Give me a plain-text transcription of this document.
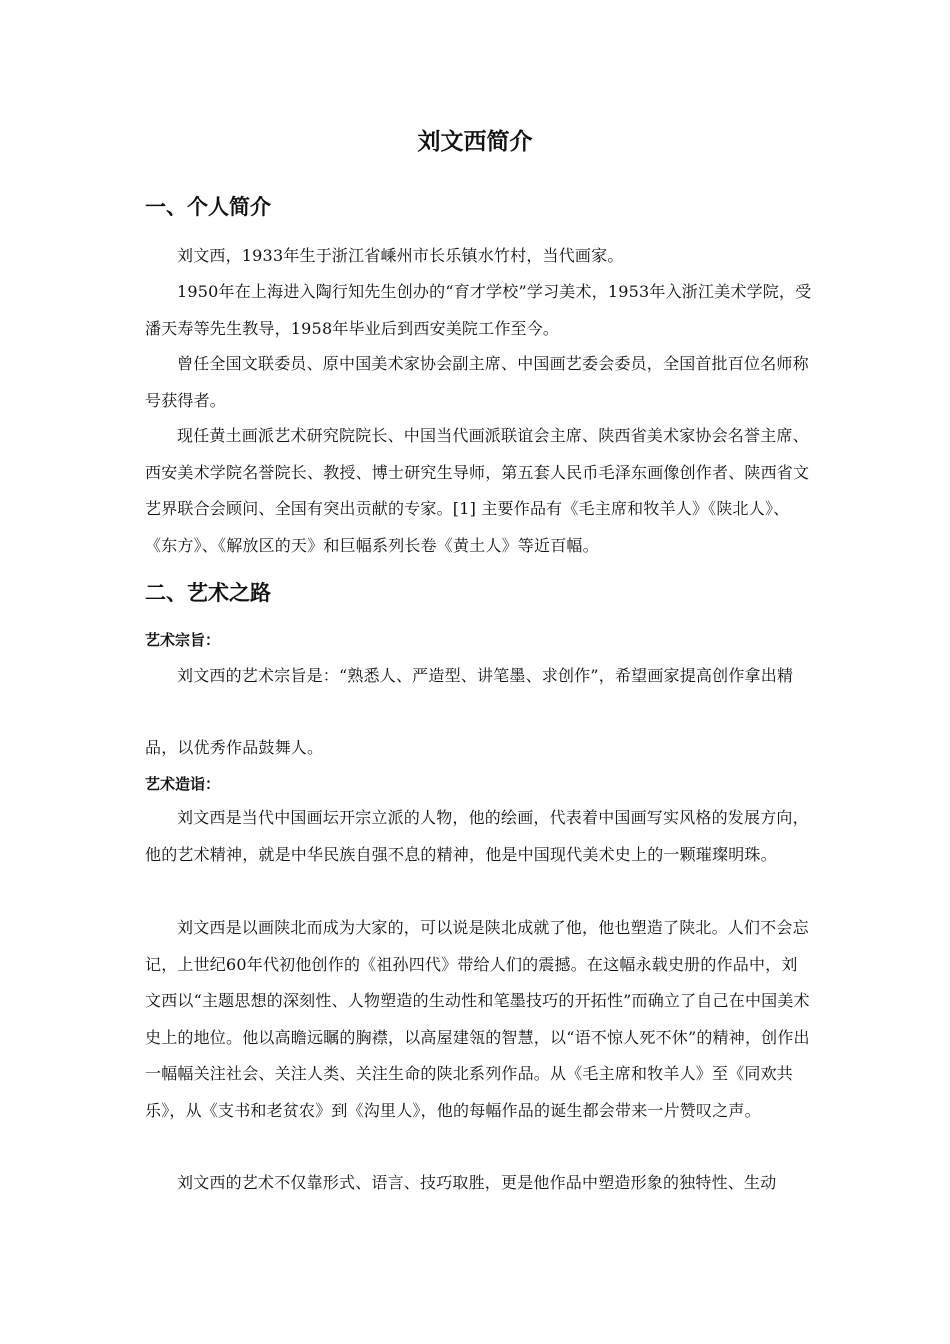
刘文西简介
一、个人简介

刘文西，1933年生于浙江省嵊州市长乐镇水竹村，当代画家。

1950年在上海进入陶行知先生创办的“育才学校”学习美术，1953年入浙江美术学院，受潘天寿等先生教导，1958年毕业后到西安美院工作至今。

曾任全国文联委员、原中国美术家协会副主席、中国画艺委会委员，全国首批百位名师称号获得者。

现任黄土画派艺术研究院院长、中国当代画派联谊会主席、陕西省美术家协会名誉主席、西安美术学院名誉院长、教授、博士研究生导师，第五套人民币毛泽东画像创作者、陕西省文艺界联合会顾问、全国有突出贡献的专家。[1] 主要作品有《毛主席和牧羊人》《陕北人》、《东方》、《解放区的天》和巨幅系列长卷《黄土人》等近百幅。

二、艺术之路
艺术宗旨：

刘文西的艺术宗旨是：“熟悉人、严造型、讲笔墨、求创作”，希望画家提高创作拿出精

品，以优秀作品鼓舞人。

艺术造诣：

刘文西是当代中国画坛开宗立派的人物，他的绘画，代表着中国画写实风格的发展方向，他的艺术精神，就是中华民族自强不息的精神，他是中国现代美术史上的一颗璀璨明珠。

刘文西是以画陕北而成为大家的，可以说是陕北成就了他，他也塑造了陕北。人们不会忘记，上世纪60年代初他创作的《祖孙四代》带给人们的震撼。在这幅永载史册的作品中，刘文西以“主题思想的深刻性、人物塑造的生动性和笔墨技巧的开拓性”而确立了自己在中国美术史上的地位。他以高瞻远瞩的胸襟，以高屋建瓴的智慧，以“语不惊人死不休”的精神，创作出一幅幅关注社会、关注人类、关注生命的陕北系列作品。从《毛主席和牧羊人》至《同欢共乐》，从《支书和老贫农》到《沟里人》，他的每幅作品的诞生都会带来一片赞叹之声。

刘文西的艺术不仅靠形式、语言、技巧取胜，更是他作品中塑造形象的独特性、生动
